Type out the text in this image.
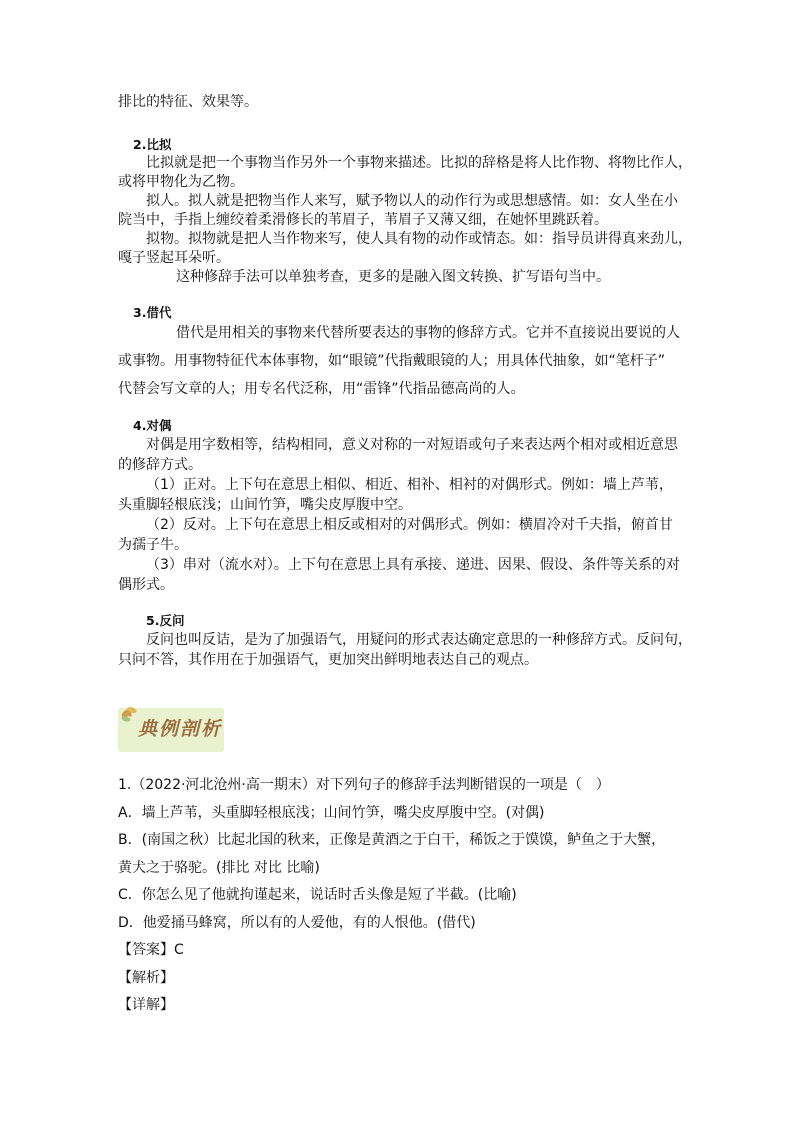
排比的特征、效果等。
2.比拟
比拟就是把一个事物当作另外一个事物来描述。比拟的辞格是将人比作物、将物比作人，
或将甲物化为乙物。
拟人。拟人就是把物当作人来写，赋予物以人的动作行为或思想感情。如：女人坐在小
院当中，手指上缠绞着柔滑修长的苇眉子，苇眉子又薄又细，在她怀里跳跃着。
拟物。拟物就是把人当作物来写，使人具有物的动作或情态。如：指导员讲得真来劲儿，
嘎子竖起耳朵听。
这种修辞手法可以单独考查，更多的是融入图文转换、扩写语句当中。
3.借代
借代是用相关的事物来代替所要表达的事物的修辞方式。它并不直接说出要说的人
或事物。用事物特征代本体事物，如“眼镜”代指戴眼镜的人；用具体代抽象，如“笔杆子”
代替会写文章的人；用专名代泛称，用“雷锋”代指品德高尚的人。
4.对偶
对偶是用字数相等，结构相同，意义对称的一对短语或句子来表达两个相对或相近意思
的修辞方式。
（1）正对。上下句在意思上相似、相近、相补、相衬的对偶形式。例如：墙上芦苇，
头重脚轻根底浅；山间竹笋，嘴尖皮厚腹中空。
（2）反对。上下句在意思上相反或相对的对偶形式。例如：横眉冷对千夫指，俯首甘
为孺子牛。
（3）串对（流水对）。上下句在意思上具有承接、递进、因果、假设、条件等关系的对
偶形式。
5.反问
反问也叫反诘，是为了加强语气，用疑问的形式表达确定意思的一种修辞方式。反问句，
只问不答，其作用在于加强语气，更加突出鲜明地表达自己的观点。
典例剖析
1.（2022·河北沧州·高一期末）对下列句子的修辞手法判断错误的一项是（　）
A．墙上芦苇，头重脚轻根底浅；山间竹笋，嘴尖皮厚腹中空。(对偶)
B．(南国之秋）比起北国的秋来，正像是黄酒之于白干，稀饭之于馍馍，鲈鱼之于大蟹，
黄犬之于骆驼。(排比 对比 比喻)
C．你怎么见了他就拘谨起来，说话时舌头像是短了半截。(比喻)
D．他爱捅马蜂窝，所以有的人爱他，有的人恨他。(借代)
【答案】C
【解析】
【详解】
